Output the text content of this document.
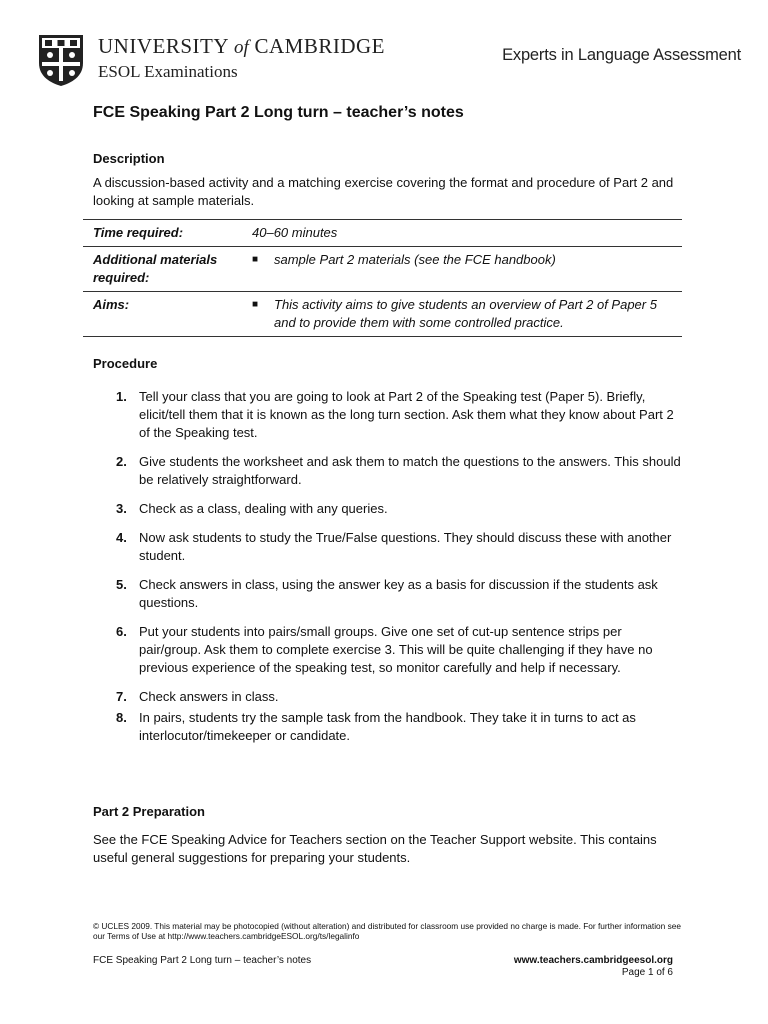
UNIVERSITY of CAMBRIDGE
ESOL Examinations
Experts in Language Assessment
FCE Speaking Part 2 Long turn – teacher’s notes
Description
A discussion-based activity and a matching exercise covering the format and procedure of Part 2 and looking at sample materials.
Time required:	40–60 minutes
Additional materials required:	■ sample Part 2 materials (see the FCE handbook)

Aims:	■ This activity aims to give students an overview of Part 2 of Paper 5 and to provide them with some controlled practice.
Procedure
1. Tell your class that you are going to look at Part 2 of the Speaking test (Paper 5). Briefly, elicit/tell them that it is known as the long turn section. Ask them what they know about Part 2 of the Speaking test.
2. Give students the worksheet and ask them to match the questions to the answers. This should be relatively straightforward.
3. Check as a class, dealing with any queries.
4. Now ask students to study the True/False questions. They should discuss these with another student.
5. Check answers in class, using the answer key as a basis for discussion if the students ask questions.
6. Put your students into pairs/small groups. Give one set of cut-up sentence strips per pair/group. Ask them to complete exercise 3. This will be quite challenging if they have no previous experience of the speaking test, so monitor carefully and help if necessary.
7. Check answers in class.
8. In pairs, students try the sample task from the handbook. They take it in turns to act as interlocutor/timekeeper or candidate.
Part 2 Preparation
See the FCE Speaking Advice for Teachers section on the Teacher Support website. This contains useful general suggestions for preparing your students.
© UCLES 2009. This material may be photocopied (without alteration) and distributed for classroom use provided no charge is made. For further information see our Terms of Use at http://www.teachers.cambridgeESOL.org/ts/legalinfo
FCE Speaking Part 2 Long turn – teacher’s notes	www.teachers.cambridgeesol.org
Page 1 of 6
